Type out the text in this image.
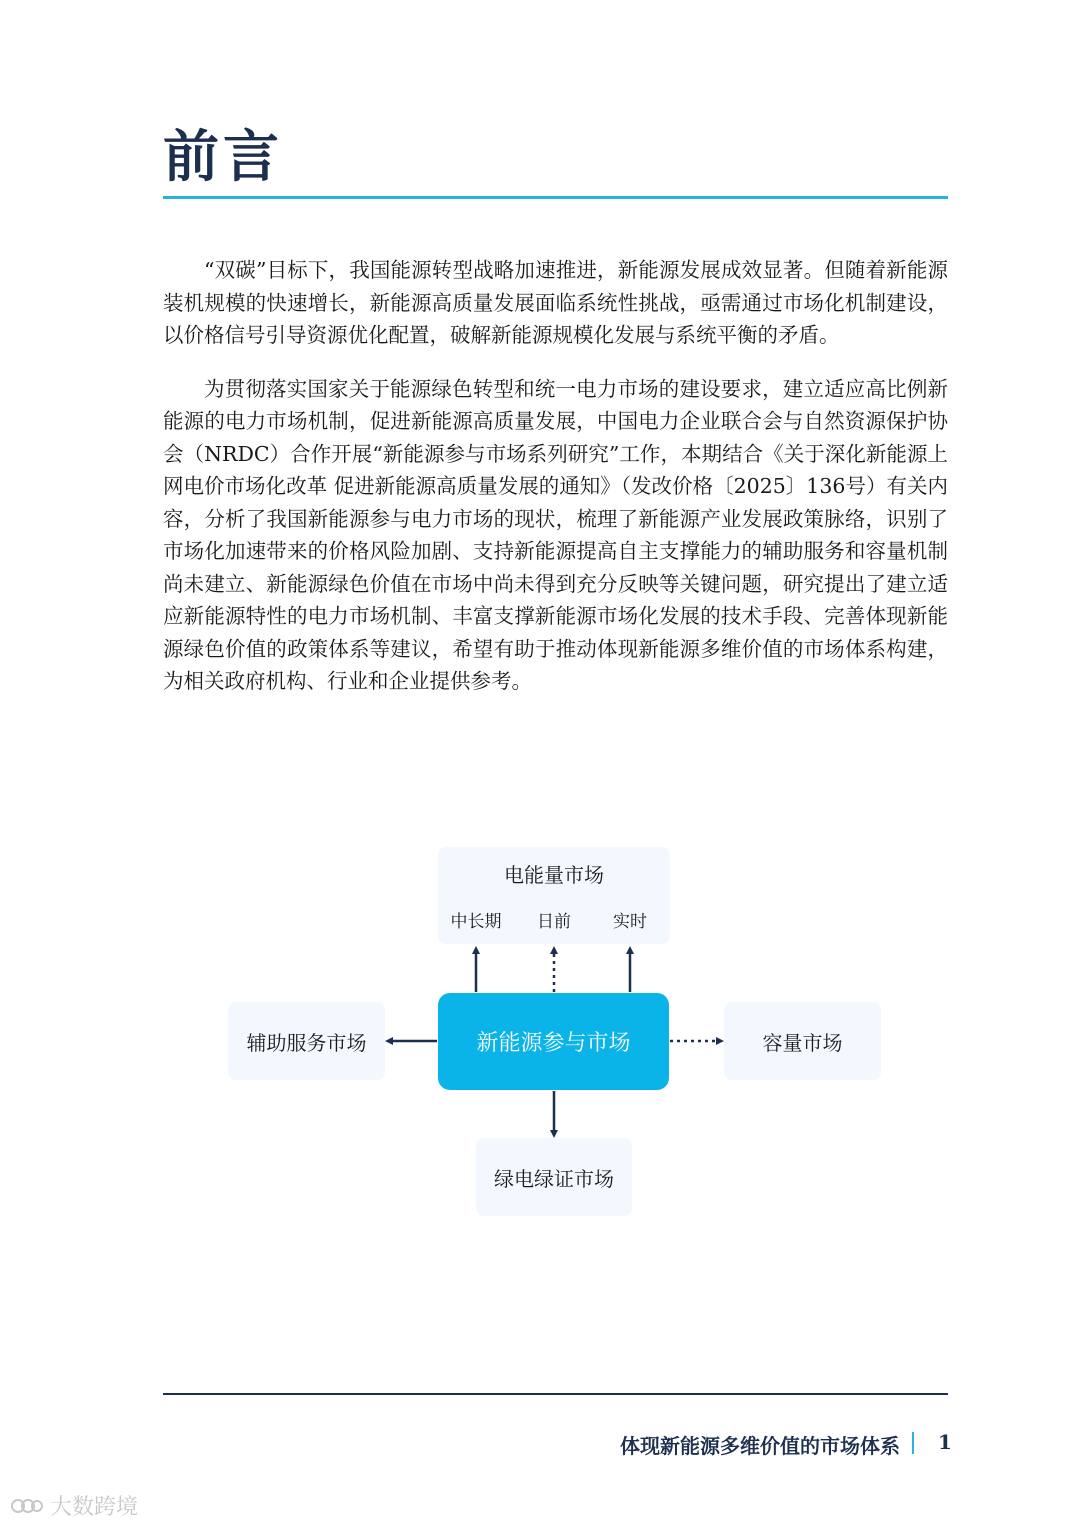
前言

“双碳”目标下，我国能源转型战略加速推进，新能源发展成效显著。但随着新能源装机规模的快速增长，新能源高质量发展面临系统性挑战，亟需通过市场化机制建设，以价格信号引导资源优化配置，破解新能源规模化发展与系统平衡的矛盾。

为贯彻落实国家关于能源绿色转型和统一电力市场的建设要求，建立适应高比例新能源的电力市场机制，促进新能源高质量发展，中国电力企业联合会与自然资源保护协会（NRDC）合作开展“新能源参与市场系列研究”工作，本期结合《关于深化新能源上网电价市场化改革 促进新能源高质量发展的通知》（发改价格〔2025〕136号）有关内容，分析了我国新能源参与电力市场的现状，梳理了新能源产业发展政策脉络，识别了市场化加速带来的价格风险加剧、支持新能源提高自主支撑能力的辅助服务和容量机制尚未建立、新能源绿色价值在市场中尚未得到充分反映等关键问题，研究提出了建立适应新能源特性的电力市场机制、丰富支撑新能源市场化发展的技术手段、完善体现新能源绿色价值的政策体系等建议，希望有助于推动体现新能源多维价值的市场体系构建，为相关政府机构、行业和企业提供参考。

电能量市场
中长期 日前 实时
新能源参与市场
辅助服务市场	容量市场
绿电绿证市场
体现新能源多维价值的市场体系 1
大数跨境
